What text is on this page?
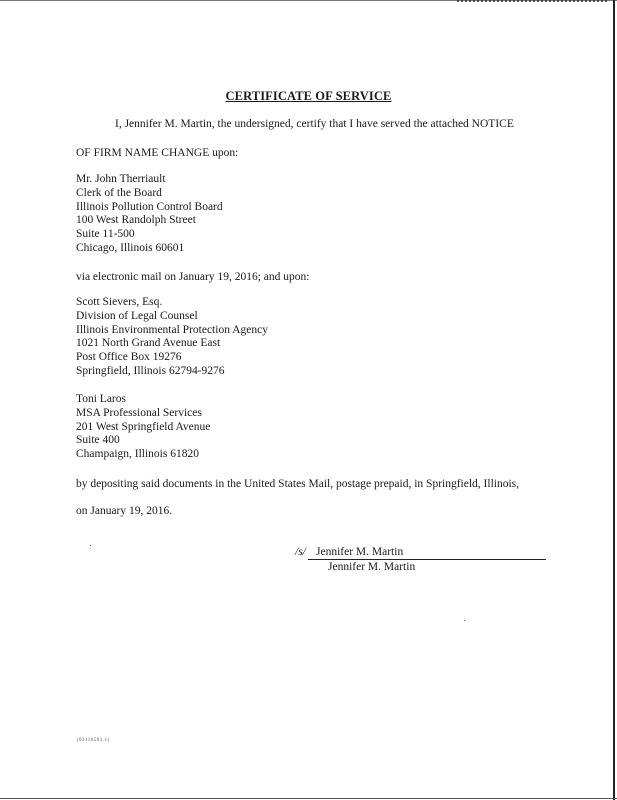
CERTIFICATE OF SERVICE
I, Jennifer M. Martin, the undersigned, certify that I have served the attached NOTICE
OF FIRM NAME CHANGE upon:
Mr. John Therriault
Clerk of the Board
Illinois Pollution Control Board
100 West Randolph Street
Suite 11-500
Chicago, Illinois 60601
via electronic mail on January 19, 2016; and upon:
Scott Sievers, Esq.
Division of Legal Counsel
Illinois Environmental Protection Agency
1021 North Grand Avenue East
Post Office Box 19276
Springfield, Illinois 62794-9276
Toni Laros
MSA Professional Services
201 West Springfield Avenue
Suite 400
Champaign, Illinois 61820
by depositing said documents in the United States Mail, postage prepaid, in Springfield, Illinois,
on January 19, 2016.
/s/ Jennifer M. Martin
Jennifer M. Martin
{02116503.1}
